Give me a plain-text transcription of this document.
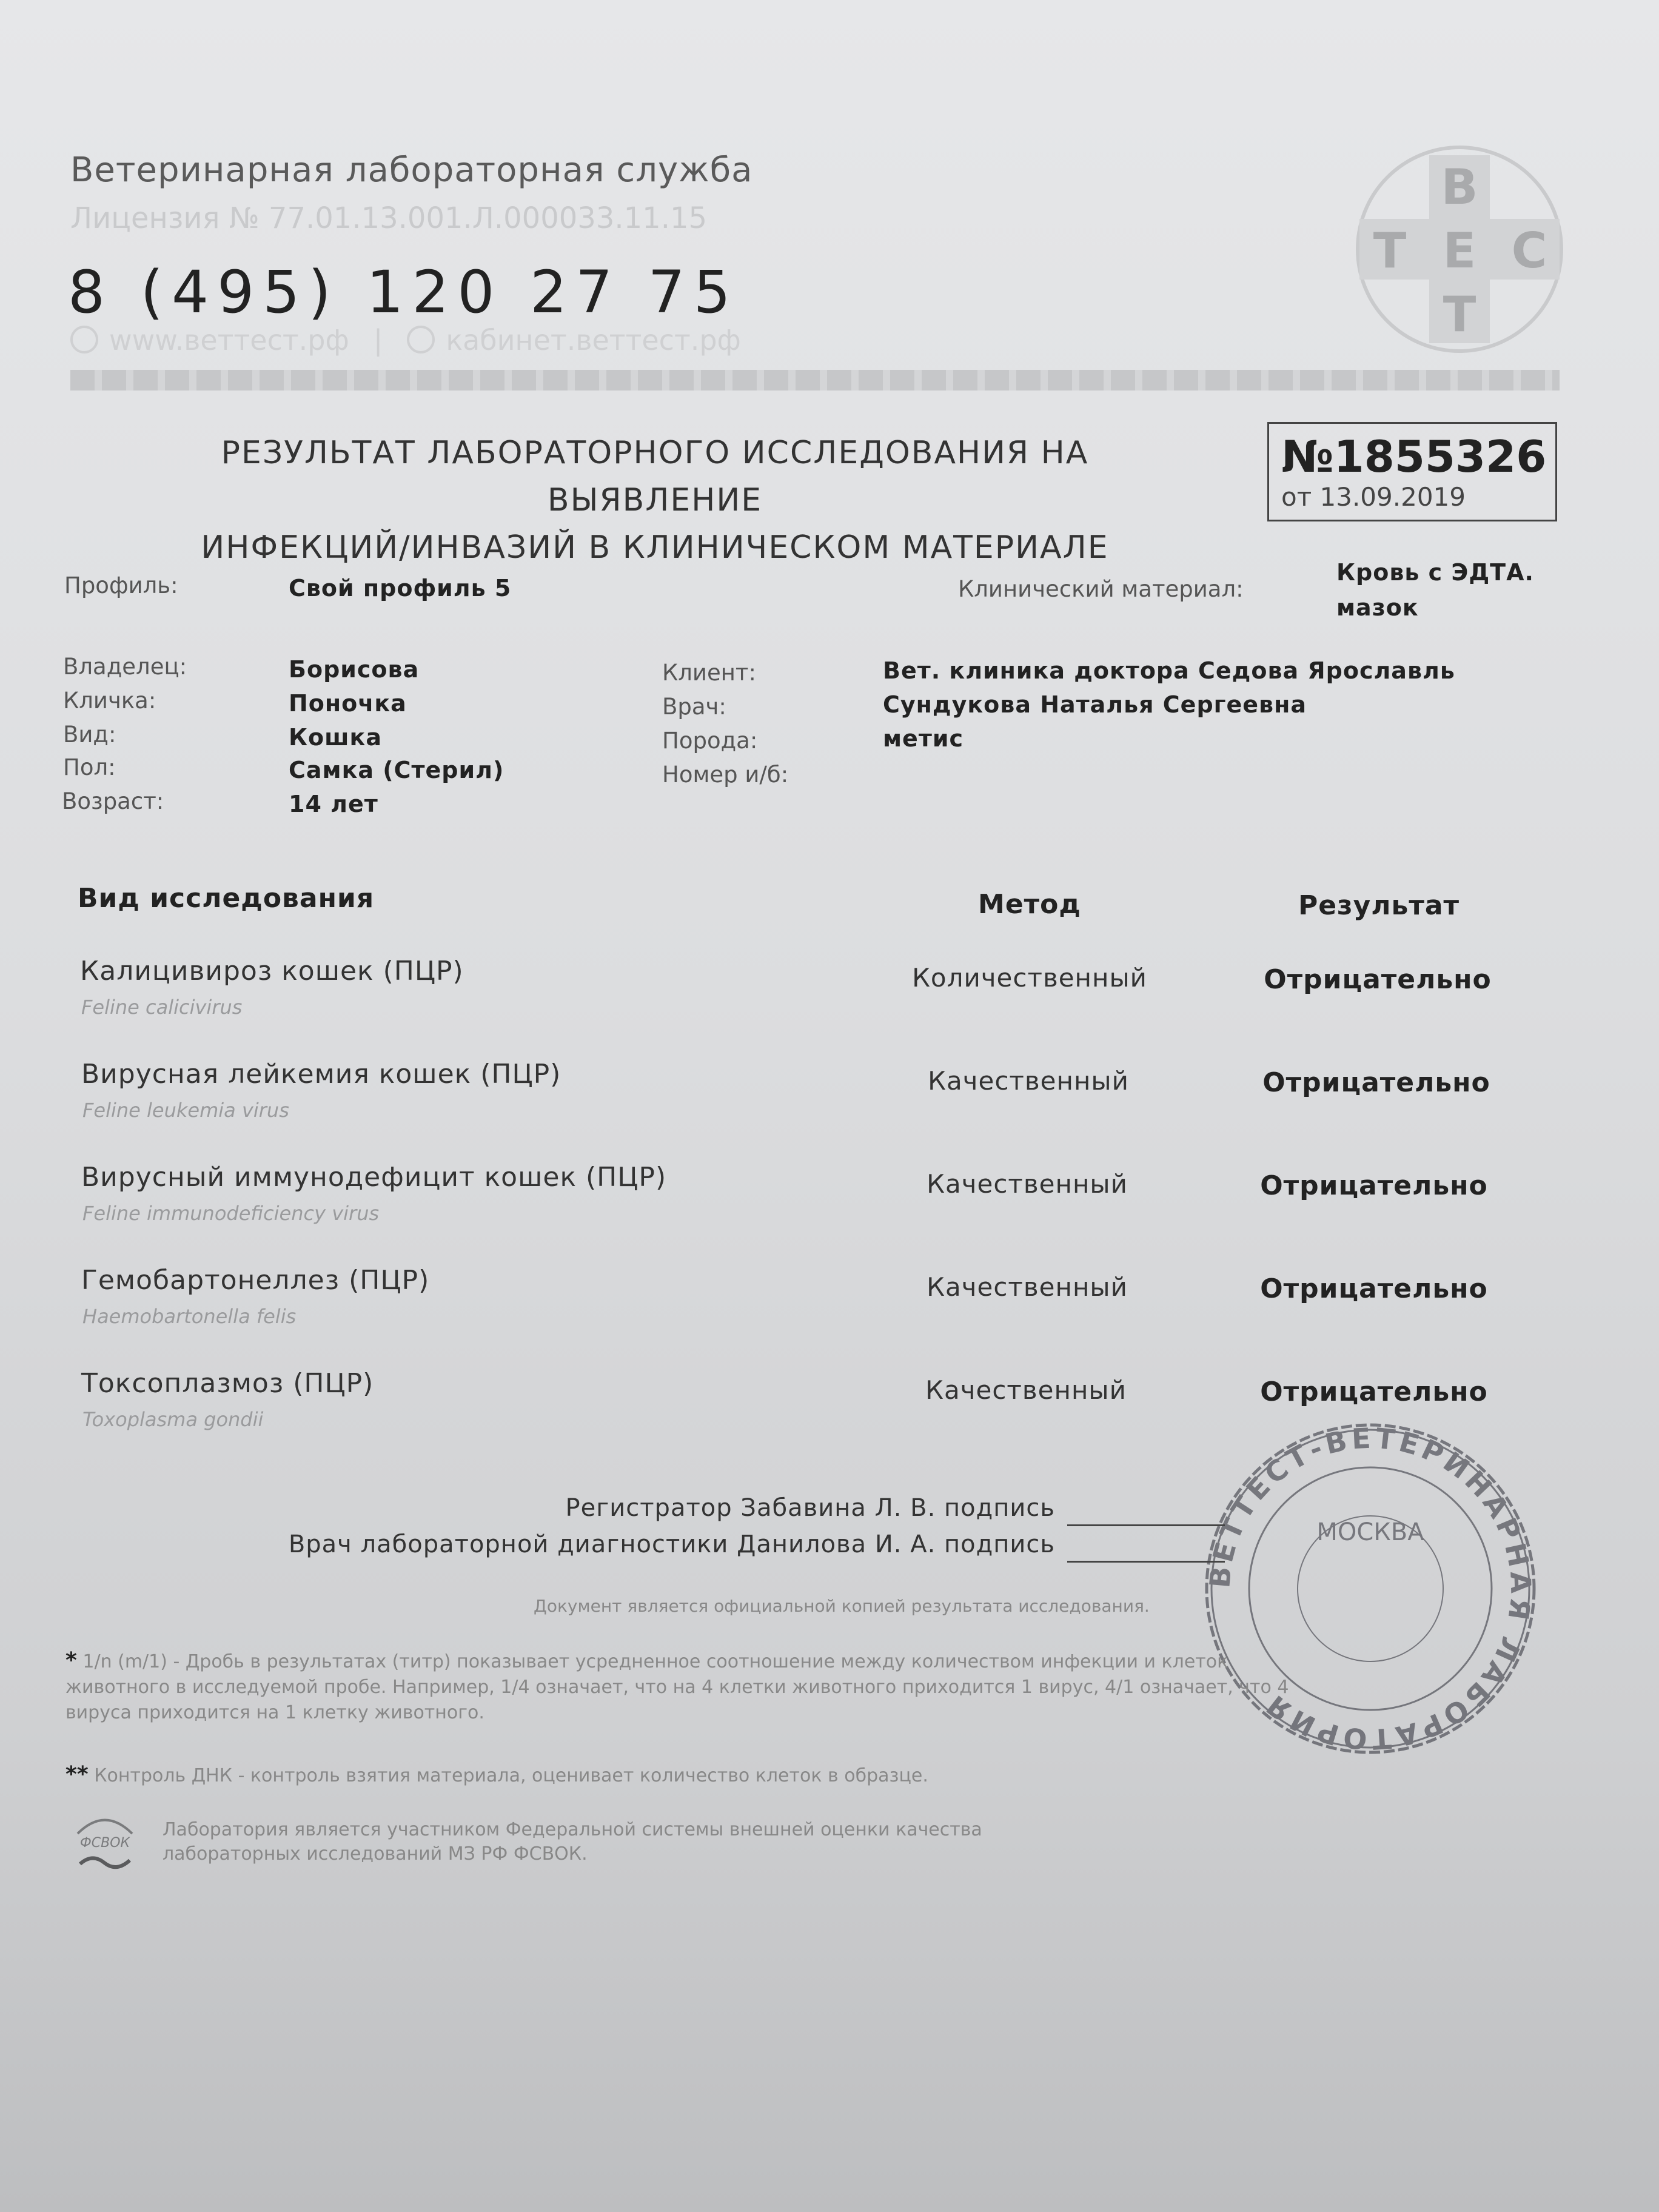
Ветеринарная лабораторная служба
Лицензия № 77.01.13.001.Л.000033.11.15
8 (495) 120 27 75
www.веттест.рф | кабинет.веттест.рф
В
Т Е С
Т
РЕЗУЛЬТАТ ЛАБОРАТОРНОГО ИССЛЕДОВАНИЯ НА ВЫЯВЛЕНИЕ
ИНФЕКЦИЙ/ИНВАЗИЙ В КЛИНИЧЕСКОМ МАТЕРИАЛЕ
№1855326
от 13.09.2019
Профиль:	Свой профиль 5	Клинический материал:
Кровь с ЭДТА.
мазок
Владелец:	Борисова
Кличка:	Поночка
Вид:	Кошка
Пол:	Самка (Стерил)
Возраст:	14 лет
Клиент:	Вет. клиника доктора Седова Ярославль
Врач:	Сундукова Наталья Сергеевна
Порода:	метис
Номер и/б:
Вид исследования	Метод	Результат
Калицивироз кошек (ПЦР)
Feline calicivirus
Количественный	Отрицательно
Вирусная лейкемия кошек (ПЦР)
Feline leukemia virus
Качественный	Отрицательно
Вирусный иммунодефицит кошек (ПЦР)
Feline immunodeficiency virus
Качественный	Отрицательно
Гемобартонеллез (ПЦР)
Haemobartonella felis
Качественный	Отрицательно
Токсоплазмоз (ПЦР)
Toxoplasma gondii
Качественный	Отрицательно
ВЕТТЕСТ-ВЕТЕРИНАРНАЯ ЛАБОРАТОРИЯ
МОСКВА
Регистратор Забавина Л. В. подпись
Врач лабораторной диагностики Данилова И. А. подпись
Документ является официальной копией результата исследования.
* 1/n (m/1) - Дробь в результатах (титр) показывает усредненное соотношение между количеством инфекции и клеток
животного в исследуемой пробе. Например, 1/4 означает, что на 4 клетки животного приходится 1 вирус, 4/1 означает, что 4
вируса приходится на 1 клетку животного.
** Контроль ДНК - контроль взятия материала, оценивает количество клеток в образце.
ФСВОК
Лаборатория является участником Федеральной системы внешней оценки качества
лабораторных исследований МЗ РФ ФСВОК.
